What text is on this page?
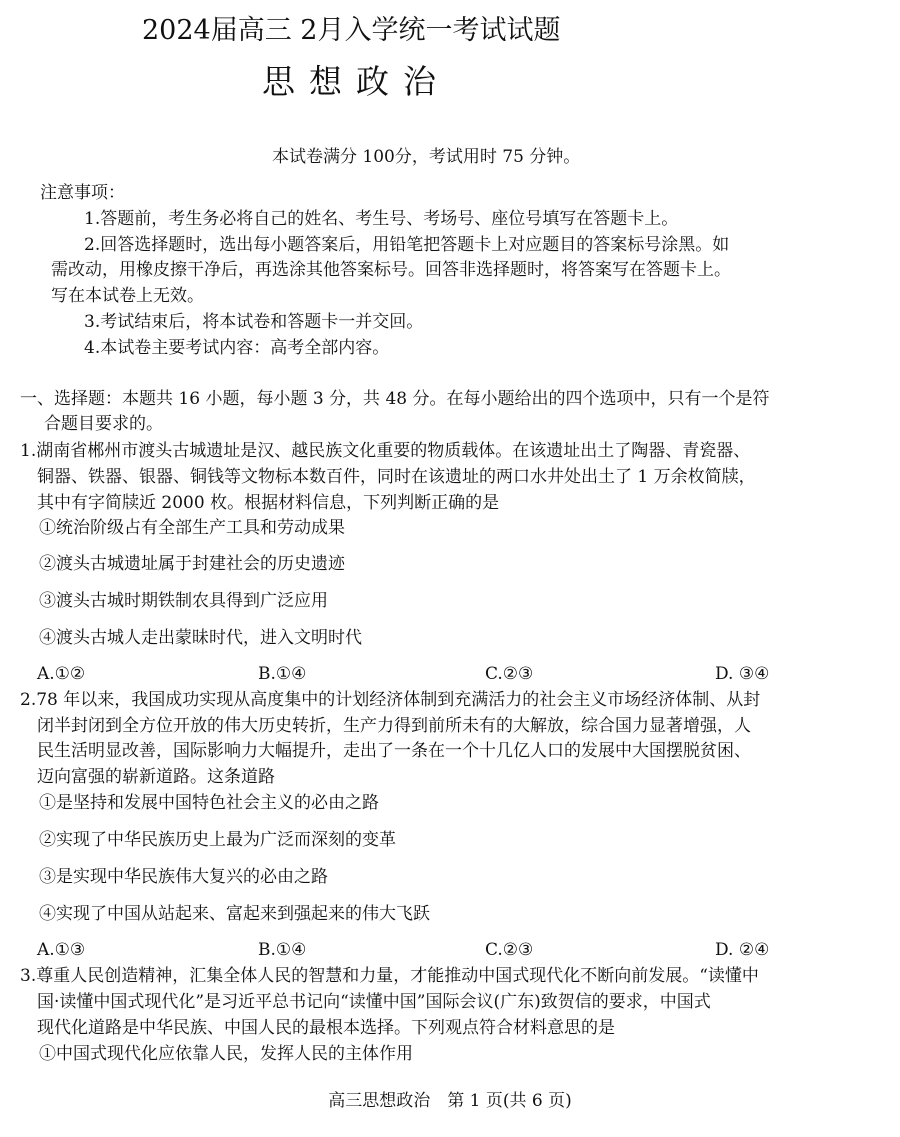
2024届高三 2月入学统一考试试题
思想政治
本试卷满分 100分，考试用时 75 分钟。
注意事项：
1.答题前，考生务必将自己的姓名、考生号、考场号、座位号填写在答题卡上。
2.回答选择题时，选出每小题答案后，用铅笔把答题卡上对应题目的答案标号涂黑。如
需改动，用橡皮擦干净后，再选涂其他答案标号。回答非选择题时，将答案写在答题卡上。
写在本试卷上无效。
3.考试结束后，将本试卷和答题卡一并交回。
4.本试卷主要考试内容：高考全部内容。
一、选择题：本题共 16 小题，每小题 3 分，共 48 分。在每小题给出的四个选项中，只有一个是符
合题目要求的。
1.湖南省郴州市渡头古城遗址是汉、越民族文化重要的物质载体。在该遗址出土了陶器、青瓷器、
铜器、铁器、银器、铜钱等文物标本数百件，同时在该遗址的两口水井处出土了 1 万余枚简牍，
其中有字简牍近 2000 枚。根据材料信息，下列判断正确的是
①统治阶级占有全部生产工具和劳动成果
②渡头古城遗址属于封建社会的历史遗迹
③渡头古城时期铁制农具得到广泛应用
④渡头古城人走出蒙昧时代，进入文明时代
A.①②	B.①④	C.②③	D. ③④
2.78 年以来，我国成功实现从高度集中的计划经济体制到充满活力的社会主义市场经济体制、从封
闭半封闭到全方位开放的伟大历史转折，生产力得到前所未有的大解放，综合国力显著增强，人
民生活明显改善，国际影响力大幅提升，走出了一条在一个十几亿人口的发展中大国摆脱贫困、
迈向富强的崭新道路。这条道路
①是坚持和发展中国特色社会主义的必由之路
②实现了中华民族历史上最为广泛而深刻的变革
③是实现中华民族伟大复兴的必由之路
④实现了中国从站起来、富起来到强起来的伟大飞跃
A.①③	B.①④	C.②③	D. ②④
3.尊重人民创造精神，汇集全体人民的智慧和力量，才能推动中国式现代化不断向前发展。“读懂中
国·读懂中国式现代化”是习近平总书记向“读懂中国”国际会议(广东)致贺信的要求，中国式
现代化道路是中华民族、中国人民的最根本选择。下列观点符合材料意思的是
①中国式现代化应依靠人民，发挥人民的主体作用
高三思想政治　第 1 页(共 6 页)
